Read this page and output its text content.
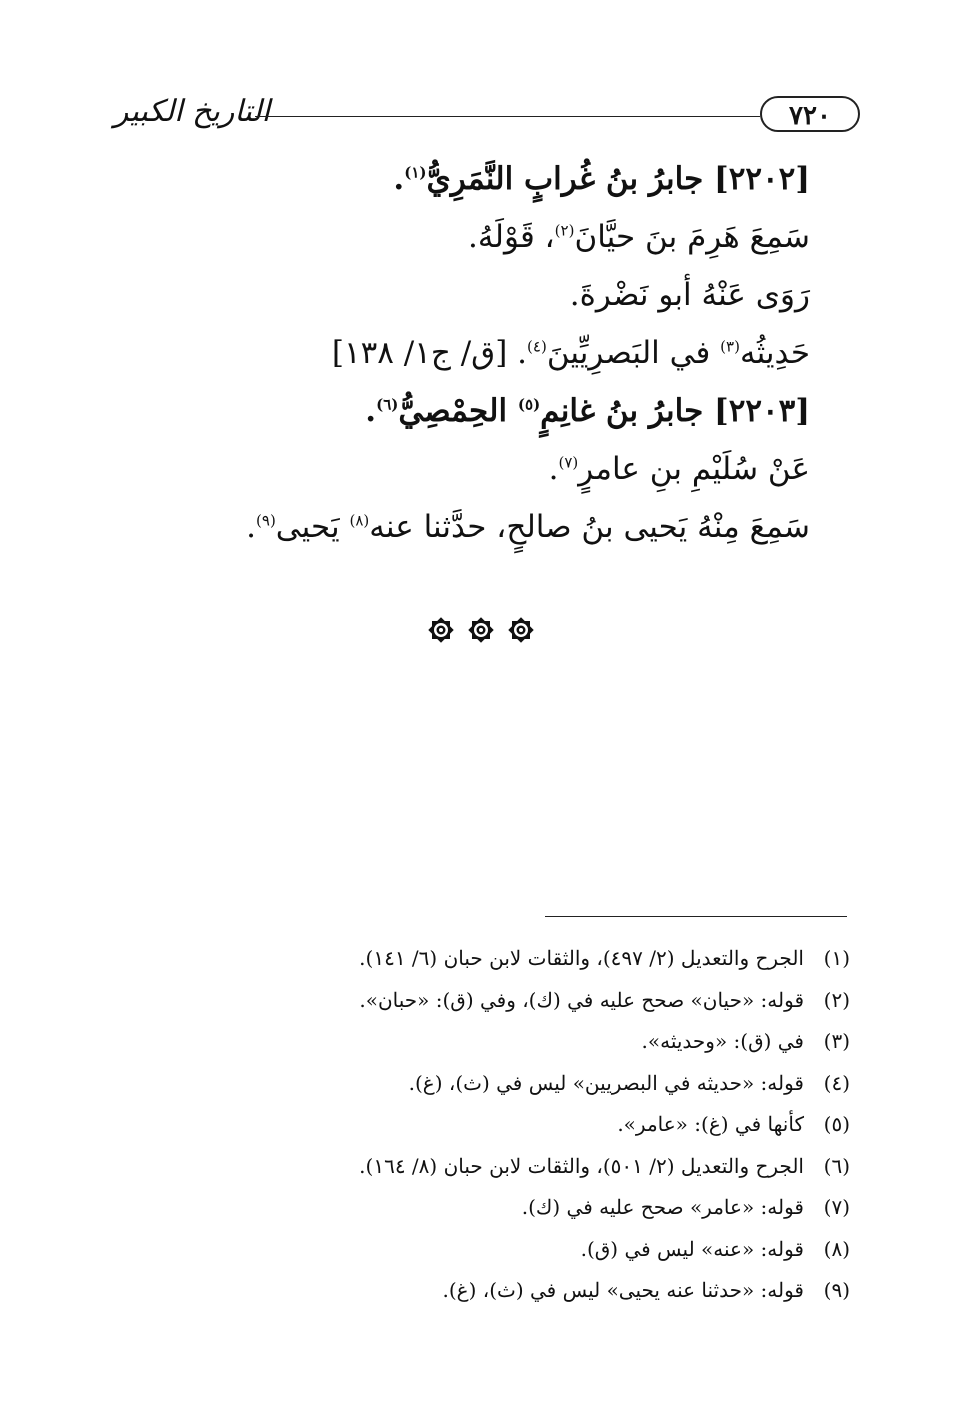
التاريخ الكبير	٧٢٠
[٢٢٠٢] جابرُ بنُ غُرابٍ النَّمَرِيُّ$^{(١)}$.
سَمِعَ هَرِمَ بنَ حيَّانَ$^{(٢)}$، قَوْلَهُ.
رَوَى عَنْهُ أبو نَضْرةَ.
حَدِيثُه$^{(٣)}$ في البَصرِيِّينَ$^{(٤)}$. [ق/ ج١/ ١٣٨]
[٢٢٠٣] جابرُ بنُ غانِمٍ$^{(٥)}$ الحِمْصِيُّ$^{(٦)}$.
عَنْ سُلَيْمِ بنِ عامرٍ$^{(٧)}$.
سَمِعَ مِنْهُ يَحيى بنُ صالحٍ، حدَّثنا عنه$^{(٨)}$ يَحيى$^{(٩)}$.
(١)الجرح والتعديل (٢/ ٤٩٧)، والثقات لابن حبان (٦/ ١٤١).
(٢)قوله: «حيان» صحح عليه في (ك)، وفي (ق): «حبان».
(٣)في (ق): «وحديثه».
(٤)قوله: «حديثه في البصريين» ليس في (ث)، (غ).
(٥)كأنها في (غ): «عامر».
(٦)الجرح والتعديل (٢/ ٥٠١)، والثقات لابن حبان (٨/ ١٦٤).
(٧)قوله: «عامر» صحح عليه في (ك).
(٨)قوله: «عنه» ليس في (ق).
(٩)قوله: «حدثنا عنه يحيى» ليس في (ث)، (غ).
